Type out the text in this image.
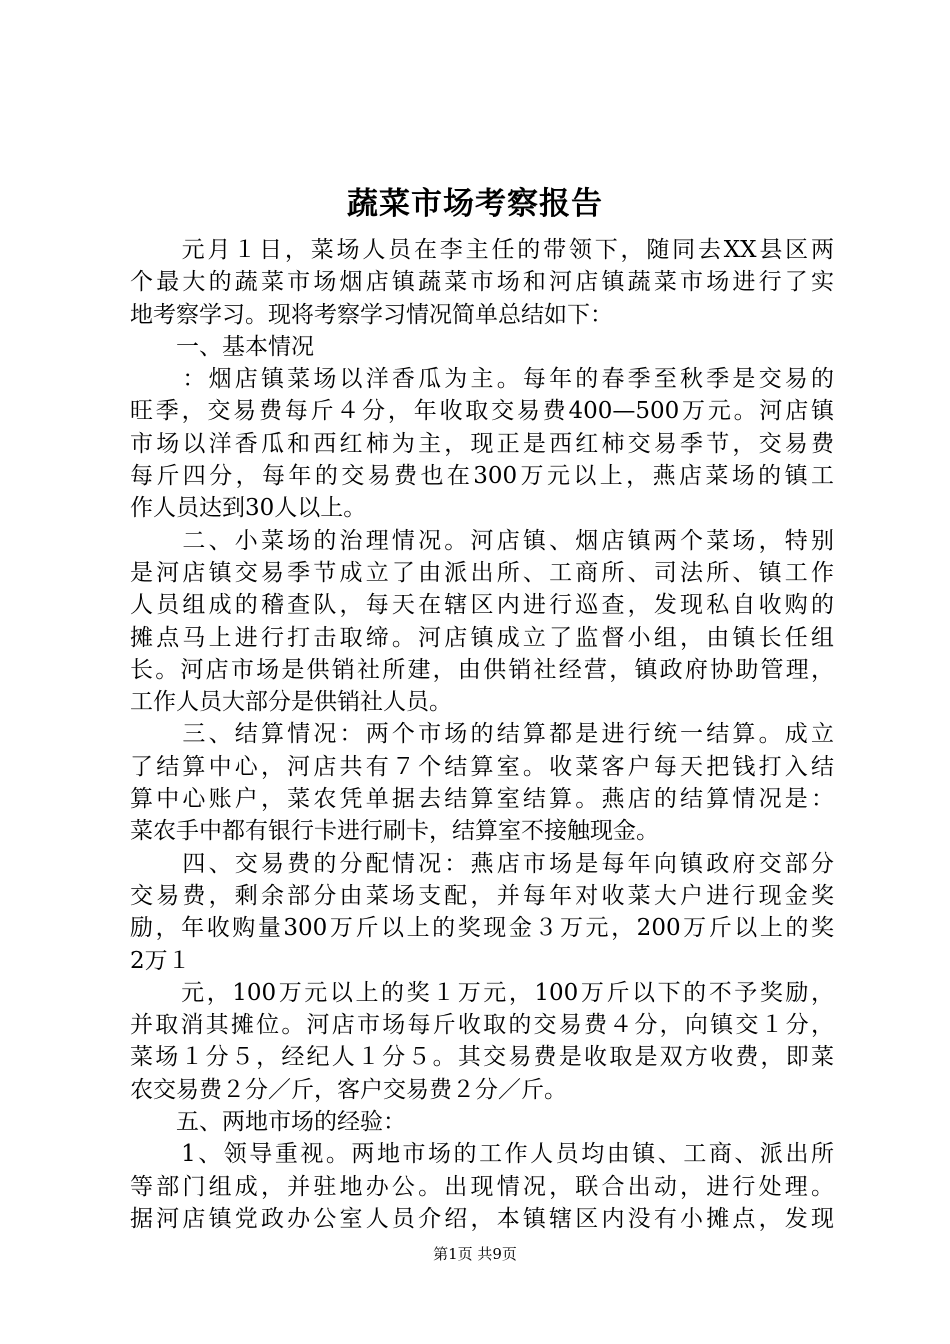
蔬菜市场考察报告
　　元月１日，菜场人员在李主任的带领下，随同去XX县区两
个最大的蔬菜市场烟店镇蔬菜市场和河店镇蔬菜市场进行了实
地考察学习。现将考察学习情况简单总结如下：
　　一、基本情况
　　：烟店镇菜场以洋香瓜为主。每年的春季至秋季是交易的
旺季，交易费每斤４分，年收取交易费400—500万元。河店镇
市场以洋香瓜和西红柿为主，现正是西红柿交易季节，交易费
每斤四分，每年的交易费也在300万元以上，燕店菜场的镇工
作人员达到30人以上。
　　二、小菜场的治理情况。河店镇、烟店镇两个菜场，特别
是河店镇交易季节成立了由派出所、工商所、司法所、镇工作
人员组成的稽查队，每天在辖区内进行巡查，发现私自收购的
摊点马上进行打击取缔。河店镇成立了监督小组，由镇长任组
长。河店市场是供销社所建，由供销社经营，镇政府协助管理，
工作人员大部分是供销社人员。
　　三、结算情况：两个市场的结算都是进行统一结算。成立
了结算中心，河店共有７个结算室。收菜客户每天把钱打入结
算中心账户，菜农凭单据去结算室结算。燕店的结算情况是：
菜农手中都有银行卡进行刷卡，结算室不接触现金。
　　四、交易费的分配情况：燕店市场是每年向镇政府交部分
交易费，剩余部分由菜场支配，并每年对收菜大户进行现金奖
励，年收购量300万斤以上的奖现金３万元，200万斤以上的奖
2万１
　　元，100万元以上的奖１万元，100万斤以下的不予奖励，
并取消其摊位。河店市场每斤收取的交易费４分，向镇交１分，
菜场１分５，经纪人１分５。其交易费是收取是双方收费，即菜
农交易费２分／斤，客户交易费２分／斤。
　　五、两地市场的经验：
　　1、领导重视。两地市场的工作人员均由镇、工商、派出所
等部门组成，并驻地办公。出现情况，联合出动，进行处理。
据河店镇党政办公室人员介绍，本镇辖区内没有小摊点，发现
第1页 共9页
